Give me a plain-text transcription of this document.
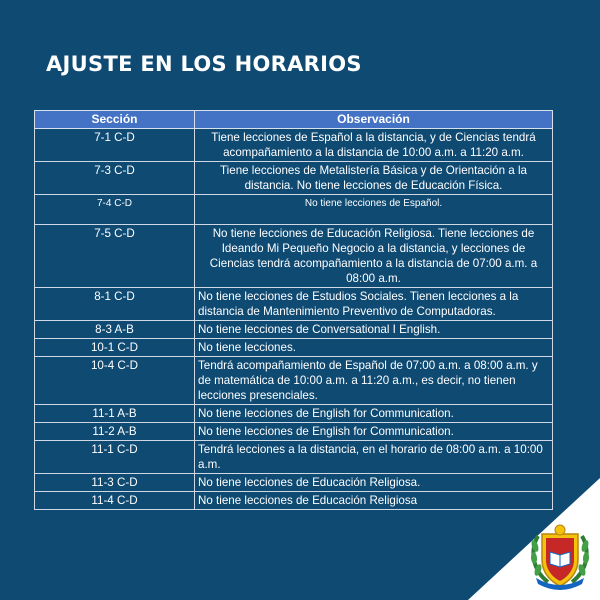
AJUSTE EN LOS HORARIOS
Sección	Observación
7-1 C-D	Tiene lecciones de Español a la distancia, y de Ciencias tendrá acompañamiento a la distancia de 10:00 a.m. a 11:20 a.m.
7-3 C-D	Tiene lecciones de Metalistería Básica y de Orientación a la distancia. No tiene lecciones de Educación Física.
7-4 C-D	No tiene lecciones de Español.
7-5 C-D	No tiene lecciones de Educación Religiosa. Tiene lecciones de Ideando Mi Pequeño Negocio a la distancia, y lecciones de Ciencias tendrá acompañamiento a la distancia de 07:00 a.m. a 08:00 a.m.
8-1 C-D	No tiene lecciones de Estudios Sociales. Tienen lecciones a la distancia de Mantenimiento Preventivo de Computadoras.
8-3 A-B	No tiene lecciones de Conversational I English.
10-1 C-D	No tiene lecciones.
10-4 C-D	Tendrá acompañamiento de Español de 07:00 a.m. a 08:00 a.m. y de matemática de 10:00 a.m. a 11:20 a.m., es decir, no tienen lecciones presenciales.
11-1 A-B	No tiene lecciones de English for Communication.
11-2 A-B	No tiene lecciones de English for Communication.
11-1 C-D	Tendrá lecciones a la distancia, en el horario de 08:00 a.m. a 10:00 a.m.
11-3 C-D	No tiene lecciones de Educación Religiosa.
11-4 C-D	No tiene lecciones de Educación Religiosa
